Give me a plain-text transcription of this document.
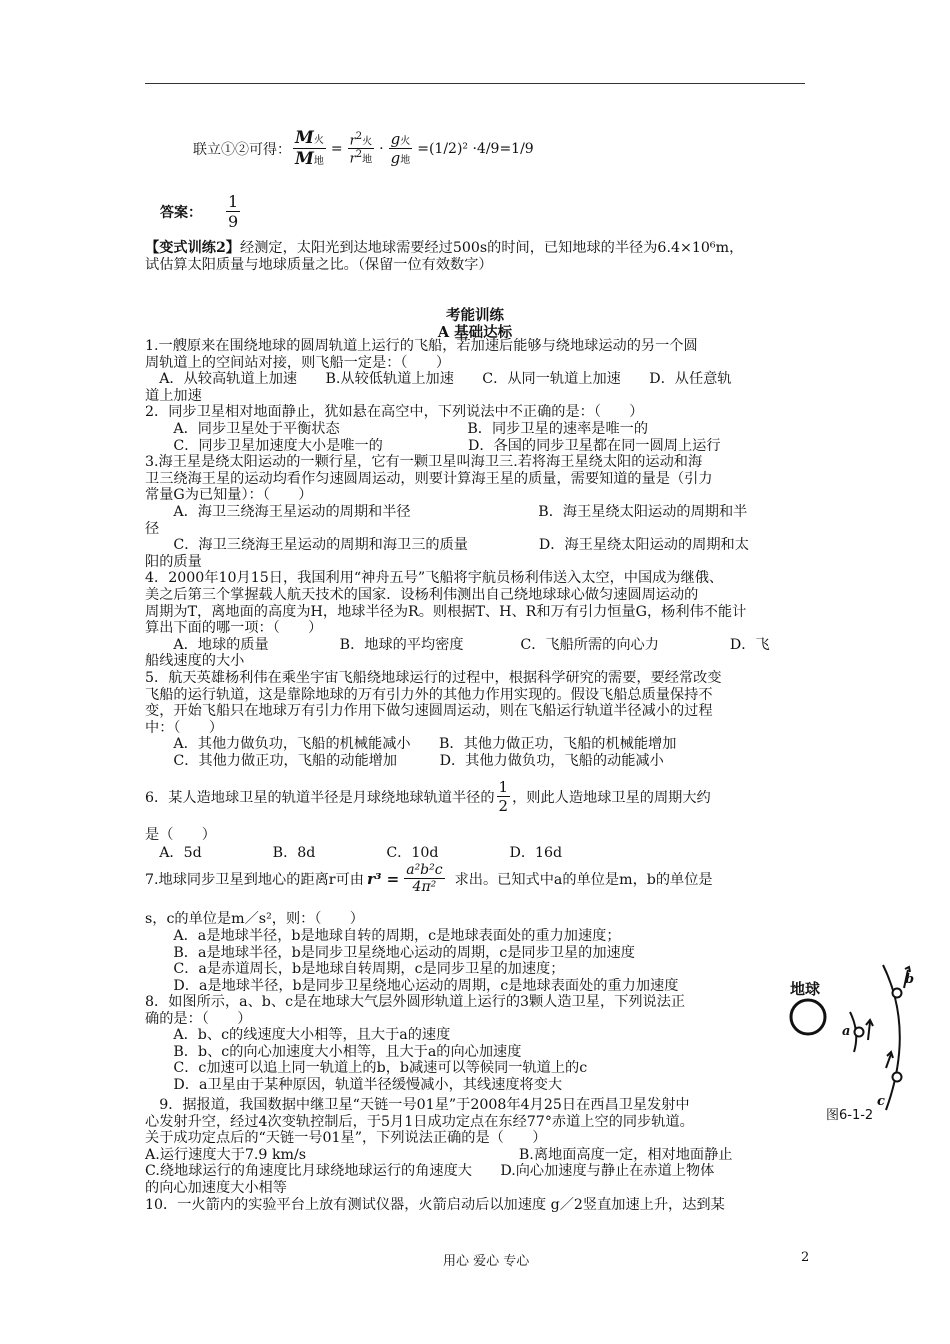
联立①②可得： $\frac{\text{M火}}{\text{M地}} = \frac{r^2火}{r^2地} \cdot \frac{\text{g火}}{\text{g地}} =(1/2)^2 \cdot 4/9=1/9$
答案： $\frac{1}{9}$
【变式训练2】经测定，太阳光到达地球需要经过500s的时间，已知地球的半径为6.4×10⁶m，
试估算太阳质量与地球质量之比。（保留一位有效数字）
考能训练
A 基础达标
1.一艘原来在围绕地球的圆周轨道上运行的飞船，若加速后能够与绕地球运动的另一个圆
周轨道上的空间站对接，则飞船一定是：（　　）
　A．从较高轨道上加速　　B.从较低轨道上加速　　C．从同一轨道上加速　　D．从任意轨
道上加速
2．同步卫星相对地面静止，犹如悬在高空中，下列说法中不正确的是：（　　）
　　A．同步卫星处于平衡状态　　　　　　　　　B．同步卫星的速率是唯一的
　　C．同步卫星加速度大小是唯一的　　　　　　D．各国的同步卫星都在同一圆周上运行
3.海王星是绕太阳运动的一颗行星，它有一颗卫星叫海卫三.若将海王星绕太阳的运动和海
卫三绕海王星的运动均看作匀速圆周运动，则要计算海王星的质量，需要知道的量是（引力
常量G为已知量）：（　　）
　　A．海卫三绕海王星运动的周期和半径　　　　　　　　　B．海王星绕太阳运动的周期和半
径
　　C．海卫三绕海王星运动的周期和海卫三的质量　　　　　D．海王星绕太阳运动的周期和太
阳的质量
4．2000年10月15日，我国利用“神舟五号”飞船将宇航员杨利伟送入太空，中国成为继俄、
美之后第三个掌握载人航天技术的国家．设杨利伟测出自己绕地球球心做匀速圆周运动的
周期为T，离地面的高度为H，地球半径为R。则根据T、H、R和万有引力恒量G，杨利伟不能计
算出下面的哪一项：（　　）
　　A．地球的质量　　　　　B．地球的平均密度　　　　C．飞船所需的向心力　　　　　D．飞
船线速度的大小
5．航天英雄杨利伟在乘坐宇宙飞船绕地球运行的过程中，根据科学研究的需要，要经常改变
飞船的运行轨道，这是靠除地球的万有引力外的其他力作用实现的。假设飞船总质量保持不
变，开始飞船只在地球万有引力作用下做匀速圆周运动，则在飞船运行轨道半径减小的过程
中：（　　）
　　A．其他力做负功，飞船的机械能减小　　B．其他力做正功，飞船的机械能增加
　　C．其他力做正功，飞船的动能增加　　　D．其他力做负功，飞船的动能减小
6．某人造地球卫星的轨道半径是月球绕地球轨道半径的 $\frac{1}{2}$ ，则此人造地球卫星的周期大约
是（　　）
　A．5d　　　　　B．8d　　　　　C．10d　　　　　D．16d
7.地球同步卫星到地心的距离r可由 $r^3 = \frac{\text{a²b²c}}{\text{4π²}}$ 求出。已知式中a的单位是m，b的单位是
s，c的单位是m／s²，则：（　　）
　　A．a是地球半径，b是地球自转的周期，c是地球表面处的重力加速度；
　　B．a是地球半径，b是同步卫星绕地心运动的周期，c是同步卫星的加速度
　　C．a是赤道周长，b是地球自转周期，c是同步卫星的加速度；
　　D．a是地球半径，b是同步卫星绕地心运动的周期，c是地球表面处的重力加速度
8．如图所示，a、b、c是在地球大气层外圆形轨道上运行的3颗人造卫星，下列说法正
确的是：（　　）
　　A．b、c的线速度大小相等，且大于a的速度
　　B．b、c的向心加速度大小相等，且大于a的向心加速度
　　C．c加速可以追上同一轨道上的b，b减速可以等候同一轨道上的c
　　D．a卫星由于某种原因，轨道半径缓慢减小，其线速度将变大
　9．据报道，我国数据中继卫星“天链一号01星”于2008年4月25日在西昌卫星发射中
心发射升空，经过4次变轨控制后，于5月1日成功定点在东经77°赤道上空的同步轨道。
关于成功定点后的“天链一号01星”，下列说法正确的是（　　）
A.运行速度大于7.9 km/s　　　　　　　　　　　　　　　B.离地面高度一定，相对地面静止
C.绕地球运行的角速度比月球绕地球运行的角速度大　　D.向心加速度与静止在赤道上物体
的向心加速度大小相等
10．一火箭内的实验平台上放有测试仪器，火箭启动后以加速度 g／2竖直加速上升，达到某
地球
a
b
c
图6-1-2
用心 爱心 专心	2
